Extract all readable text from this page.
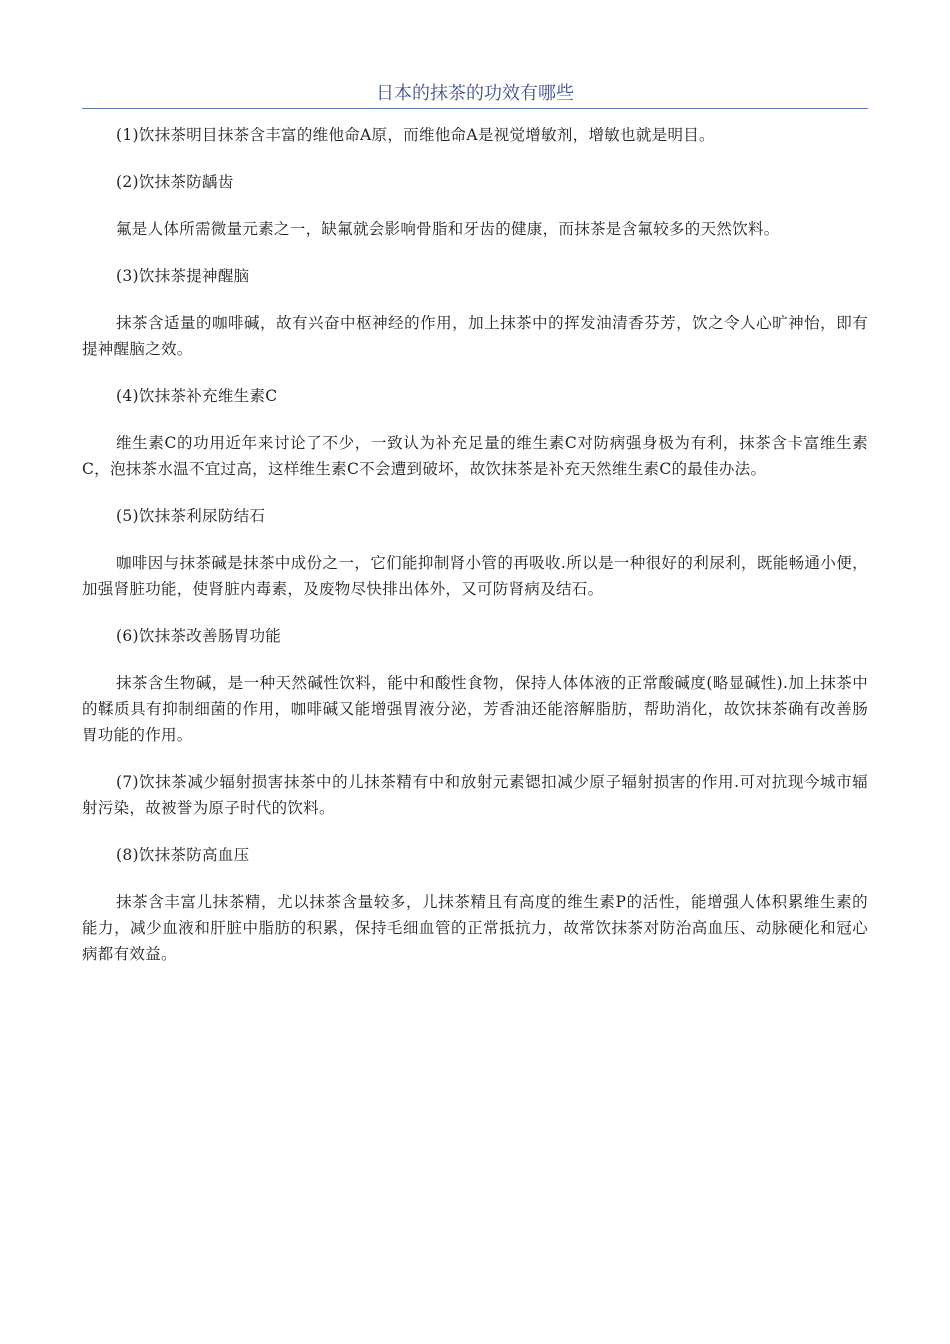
日本的抹茶的功效有哪些

(1)饮抹茶明目抹茶含丰富的维他命A原，而维他命A是视觉增敏剂，增敏也就是明目。

(2)饮抹茶防龋齿

氟是人体所需微量元素之一，缺氟就会影响骨脂和牙齿的健康，而抹茶是含氟较多的天然饮料。

(3)饮抹茶提神醒脑

抹茶含适量的咖啡碱，故有兴奋中枢神经的作用，加上抹茶中的挥发油清香芬芳，饮之令人心旷神怡，即有提神醒脑之效。

(4)饮抹茶补充维生素C

维生素C的功用近年来讨论了不少，一致认为补充足量的维生素C对防病强身极为有利，抹茶含卡富维生素C，泡抹茶水温不宜过高，这样维生素C不会遭到破坏，故饮抹茶是补充天然维生素C的最佳办法。

(5)饮抹茶利尿防结石

咖啡因与抹茶碱是抹茶中成份之一，它们能抑制肾小管的再吸收.所以是一种很好的利尿利，既能畅通小便，加强肾脏功能，使肾脏内毒素，及废物尽快排出体外，又可防肾病及结石。

(6)饮抹茶改善肠胃功能

抹茶含生物碱，是一种天然碱性饮料，能中和酸性食物，保持人体体液的正常酸碱度(略显碱性).加上抹茶中的鞣质具有抑制细菌的作用，咖啡碱又能增强胃液分泌，芳香油还能溶解脂肪，帮助消化，故饮抹茶确有改善肠胃功能的作用。

(7)饮抹茶减少辐射损害抹茶中的儿抹茶精有中和放射元素锶扣减少原子辐射损害的作用.可对抗现今城市辐射污染，故被誉为原子时代的饮料。

(8)饮抹茶防高血压

抹茶含丰富儿抹茶精，尤以抹茶含量较多，儿抹茶精且有高度的维生素P的活性，能增强人体积累维生素的能力，减少血液和肝脏中脂肪的积累，保持毛细血管的正常抵抗力，故常饮抹茶对防治高血压、动脉硬化和冠心病都有效益。
